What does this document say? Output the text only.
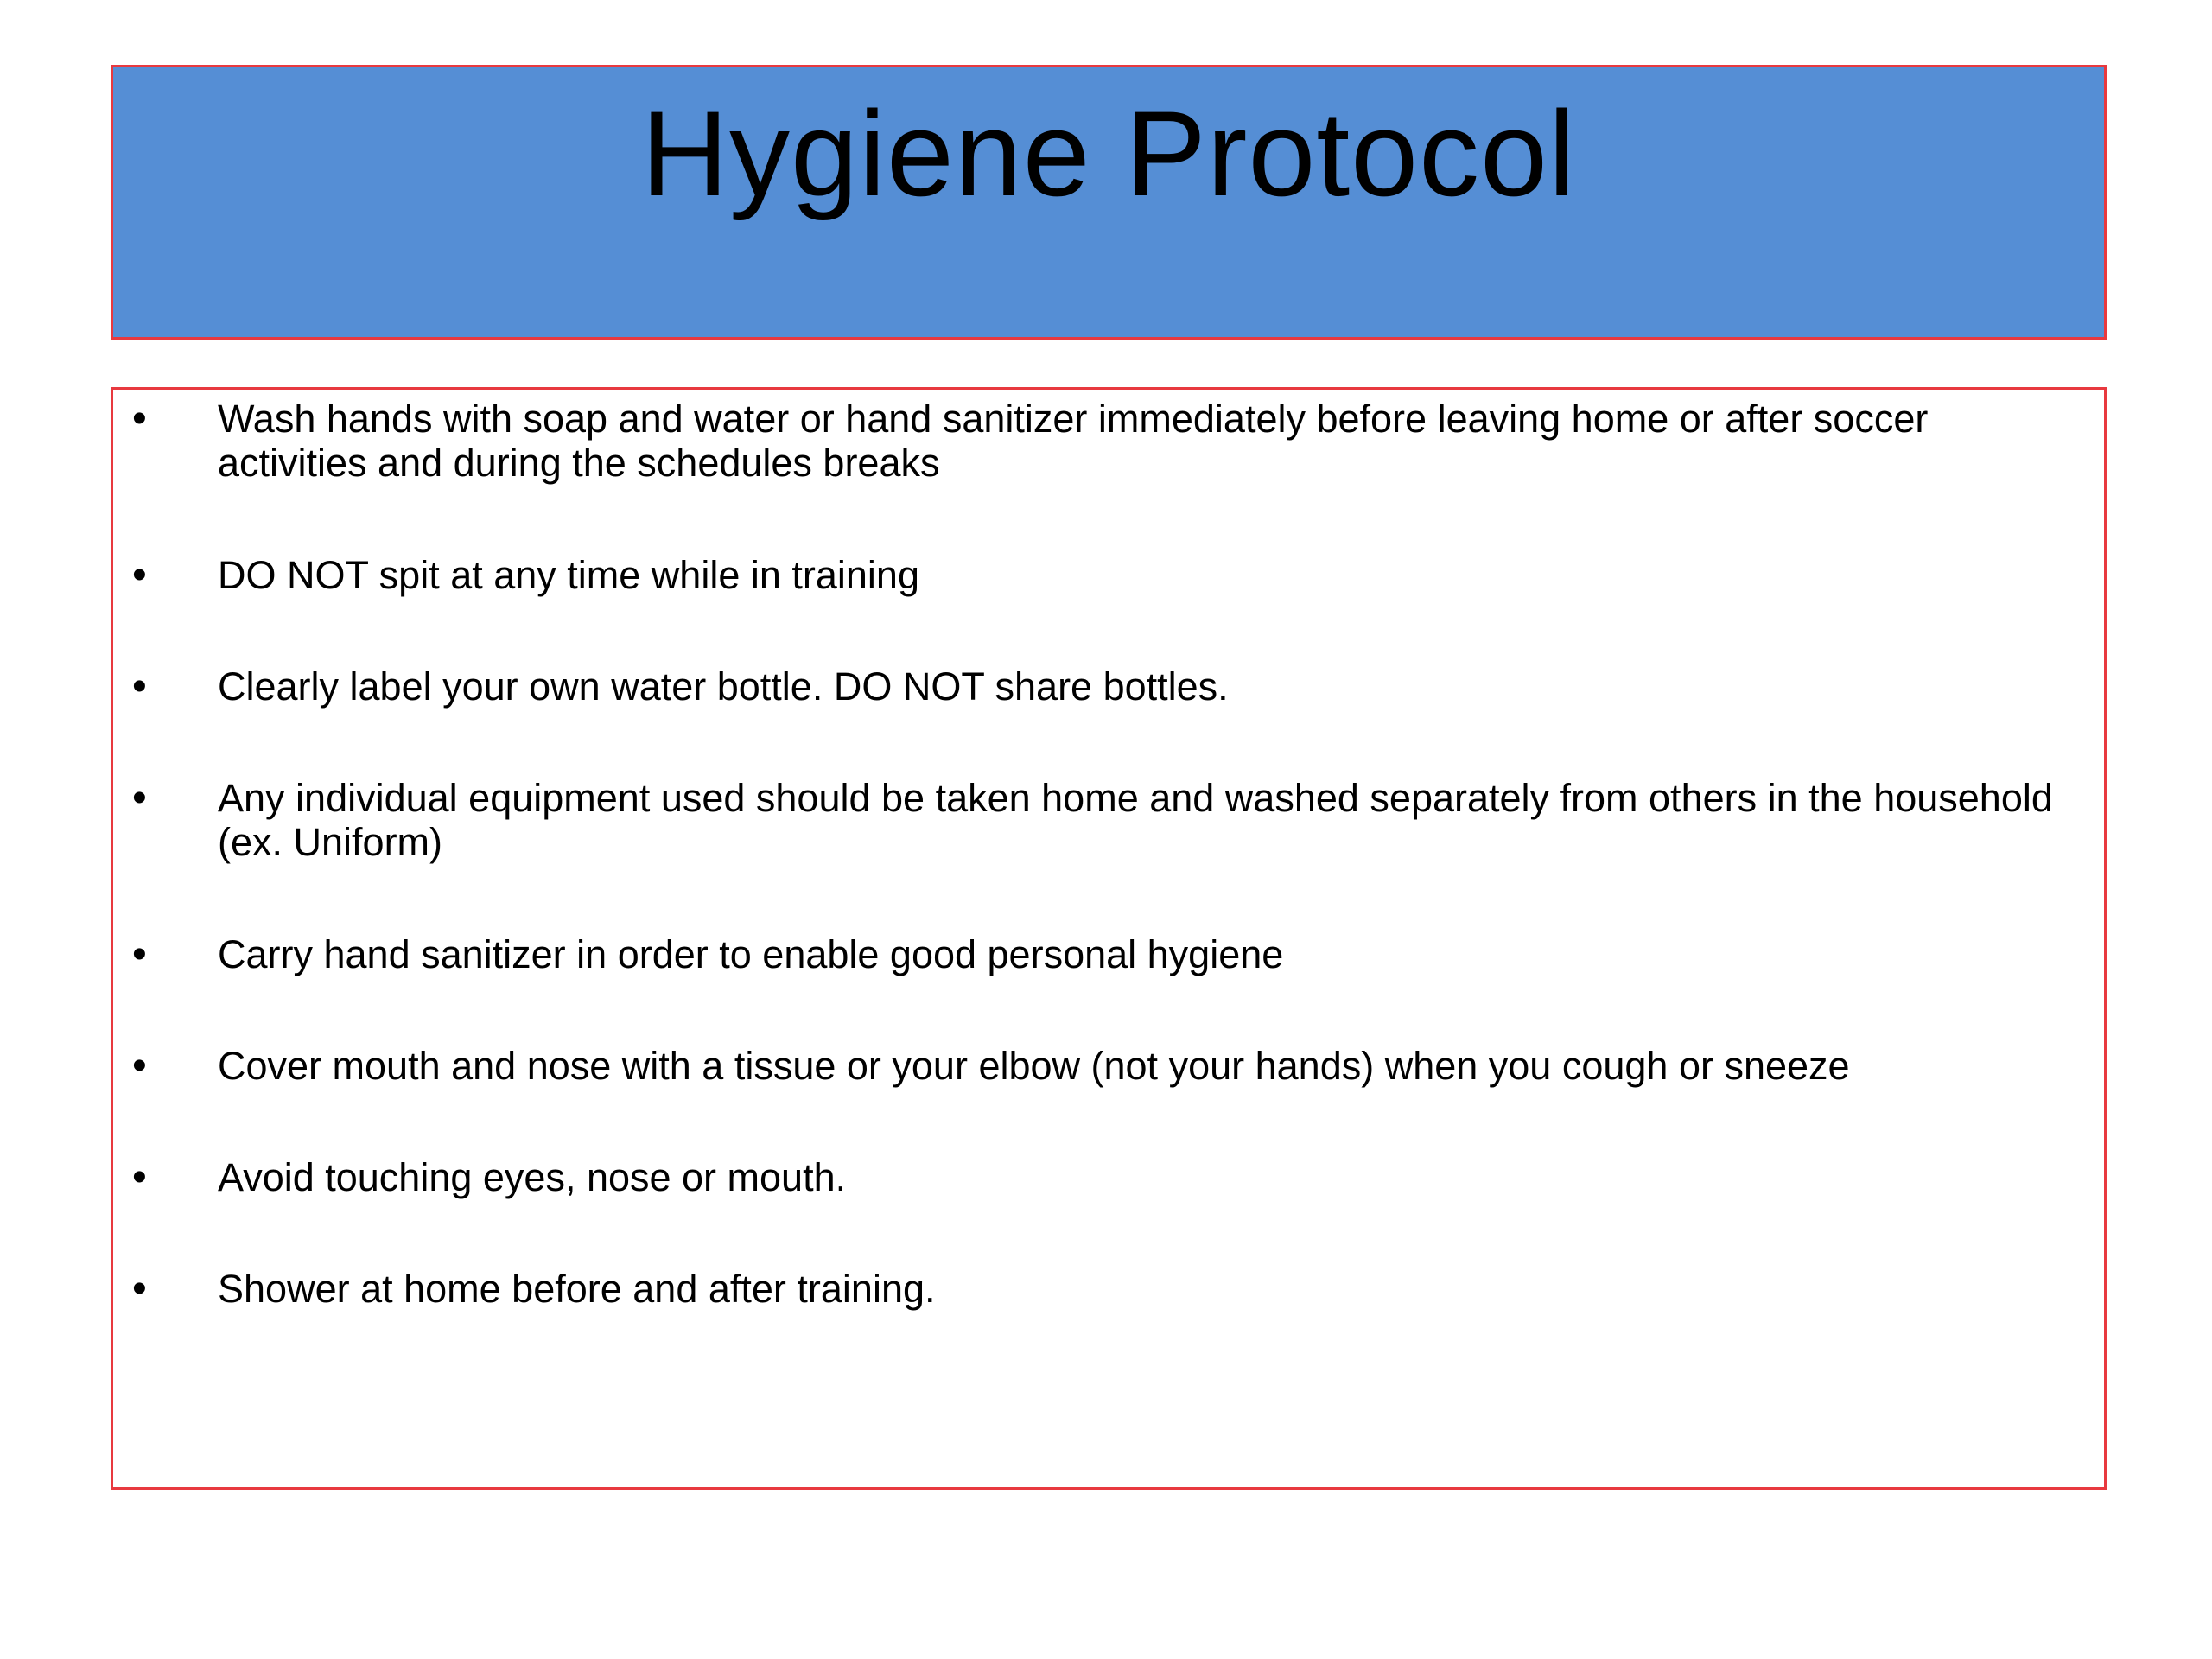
Hygiene Protocol
• Wash hands with soap and water or hand sanitizer immediately before leaving home or after soccer activities and during the schedules breaks
• DO NOT spit at any time while in training
• Clearly label your own water bottle. DO NOT share bottles.
• Any individual equipment used should be taken home and washed separately from others in the household (ex. Uniform)
• Carry hand sanitizer in order to enable good personal hygiene
• Cover mouth and nose with a tissue or your elbow (not your hands) when you cough or sneeze
• Avoid touching eyes, nose or mouth.
• Shower at home before and after training.
